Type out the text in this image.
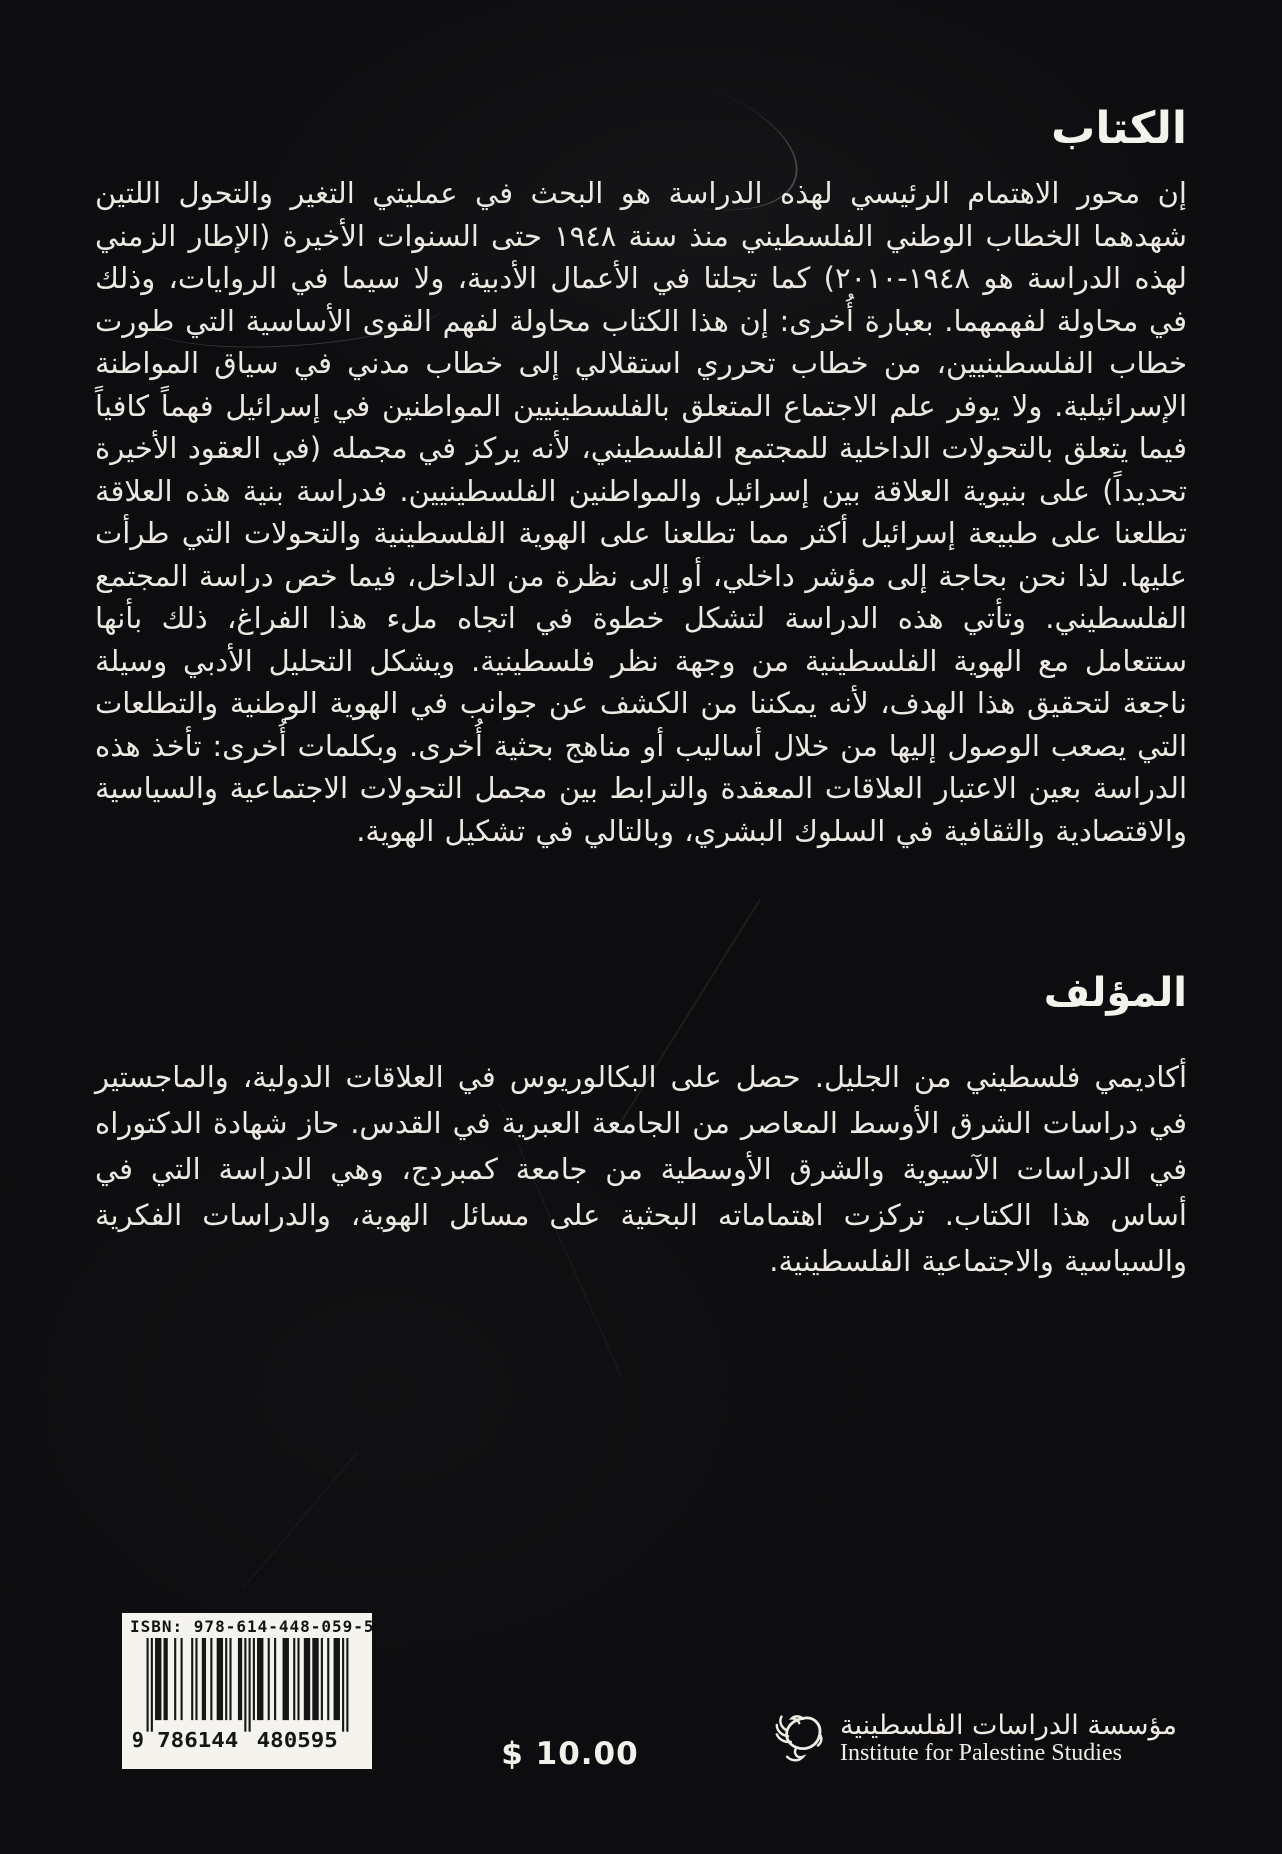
الكتاب

إن محور الاهتمام الرئيسي لهذه الدراسة هو البحث في عمليتي التغير والتحول اللتين شهدهما الخطاب الوطني الفلسطيني منذ سنة ١٩٤٨ حتى السنوات الأخيرة (الإطار الزمني لهذه الدراسة هو ١٩٤٨-٢٠١٠) كما تجلتا في الأعمال الأدبية، ولا سيما في الروايات، وذلك في محاولة لفهمهما. بعبارة أُخرى: إن هذا الكتاب محاولة لفهم القوى الأساسية التي طورت خطاب الفلسطينيين، من خطاب تحرري استقلالي إلى خطاب مدني في سياق المواطنة الإسرائيلية. ولا يوفر علم الاجتماع المتعلق بالفلسطينيين المواطنين في إسرائيل فهماً كافياً فيما يتعلق بالتحولات الداخلية للمجتمع الفلسطيني، لأنه يركز في مجمله (في العقود الأخيرة تحديداً) على بنيوية العلاقة بين إسرائيل والمواطنين الفلسطينيين. فدراسة بنية هذه العلاقة تطلعنا على طبيعة إسرائيل أكثر مما تطلعنا على الهوية الفلسطينية والتحولات التي طرأت عليها. لذا نحن بحاجة إلى مؤشر داخلي، أو إلى نظرة من الداخل، فيما خص دراسة المجتمع الفلسطيني. وتأتي هذه الدراسة لتشكل خطوة في اتجاه ملء هذا الفراغ، ذلك بأنها ستتعامل مع الهوية الفلسطينية من وجهة نظر فلسطينية. ويشكل التحليل الأدبي وسيلة ناجعة لتحقيق هذا الهدف، لأنه يمكننا من الكشف عن جوانب في الهوية الوطنية والتطلعات التي يصعب الوصول إليها من خلال أساليب أو مناهج بحثية أُخرى. وبكلمات أُخرى: تأخذ هذه الدراسة بعين الاعتبار العلاقات المعقدة والترابط بين مجمل التحولات الاجتماعية والسياسية والاقتصادية والثقافية في السلوك البشري، وبالتالي في تشكيل الهوية.

المؤلف

أكاديمي فلسطيني من الجليل. حصل على البكالوريوس في العلاقات الدولية، والماجستير في دراسات الشرق الأوسط المعاصر من الجامعة العبرية في القدس. حاز شهادة الدكتوراه في الدراسات الآسيوية والشرق الأوسطية من جامعة كمبردج، وهي الدراسة التي في أساس هذا الكتاب. تركزت اهتماماته البحثية على مسائل الهوية، والدراسات الفكرية والسياسية والاجتماعية الفلسطينية.

ISBN: 978-614-448-059-5
9 786144 480595	$ 10.00
مؤسسة الدراسات الفلسطينية
Institute for Palestine Studies
